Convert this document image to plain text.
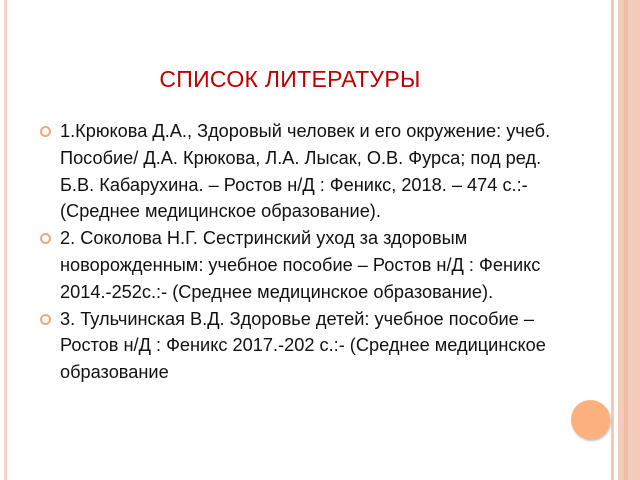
СПИСОК ЛИТЕРАТУРЫ
1.Крюкова Д.А., Здоровый человек и его окружение: учеб. Пособие/ Д.А. Крюкова, Л.А. Лысак, О.В. Фурса; под ред. Б.В. Кабарухина. – Ростов н/Д : Феникс, 2018. – 474 с.:- (Среднее медицинское образование).
2. Соколова Н.Г. Сестринский уход за здоровым новорожденным: учебное пособие – Ростов н/Д : Феникс 2014.-252с.:- (Среднее медицинское образование).
3. Тульчинская В.Д. Здоровье детей: учебное пособие – Ростов н/Д : Феникс 2017.-202 с.:- (Среднее медицинское образование
